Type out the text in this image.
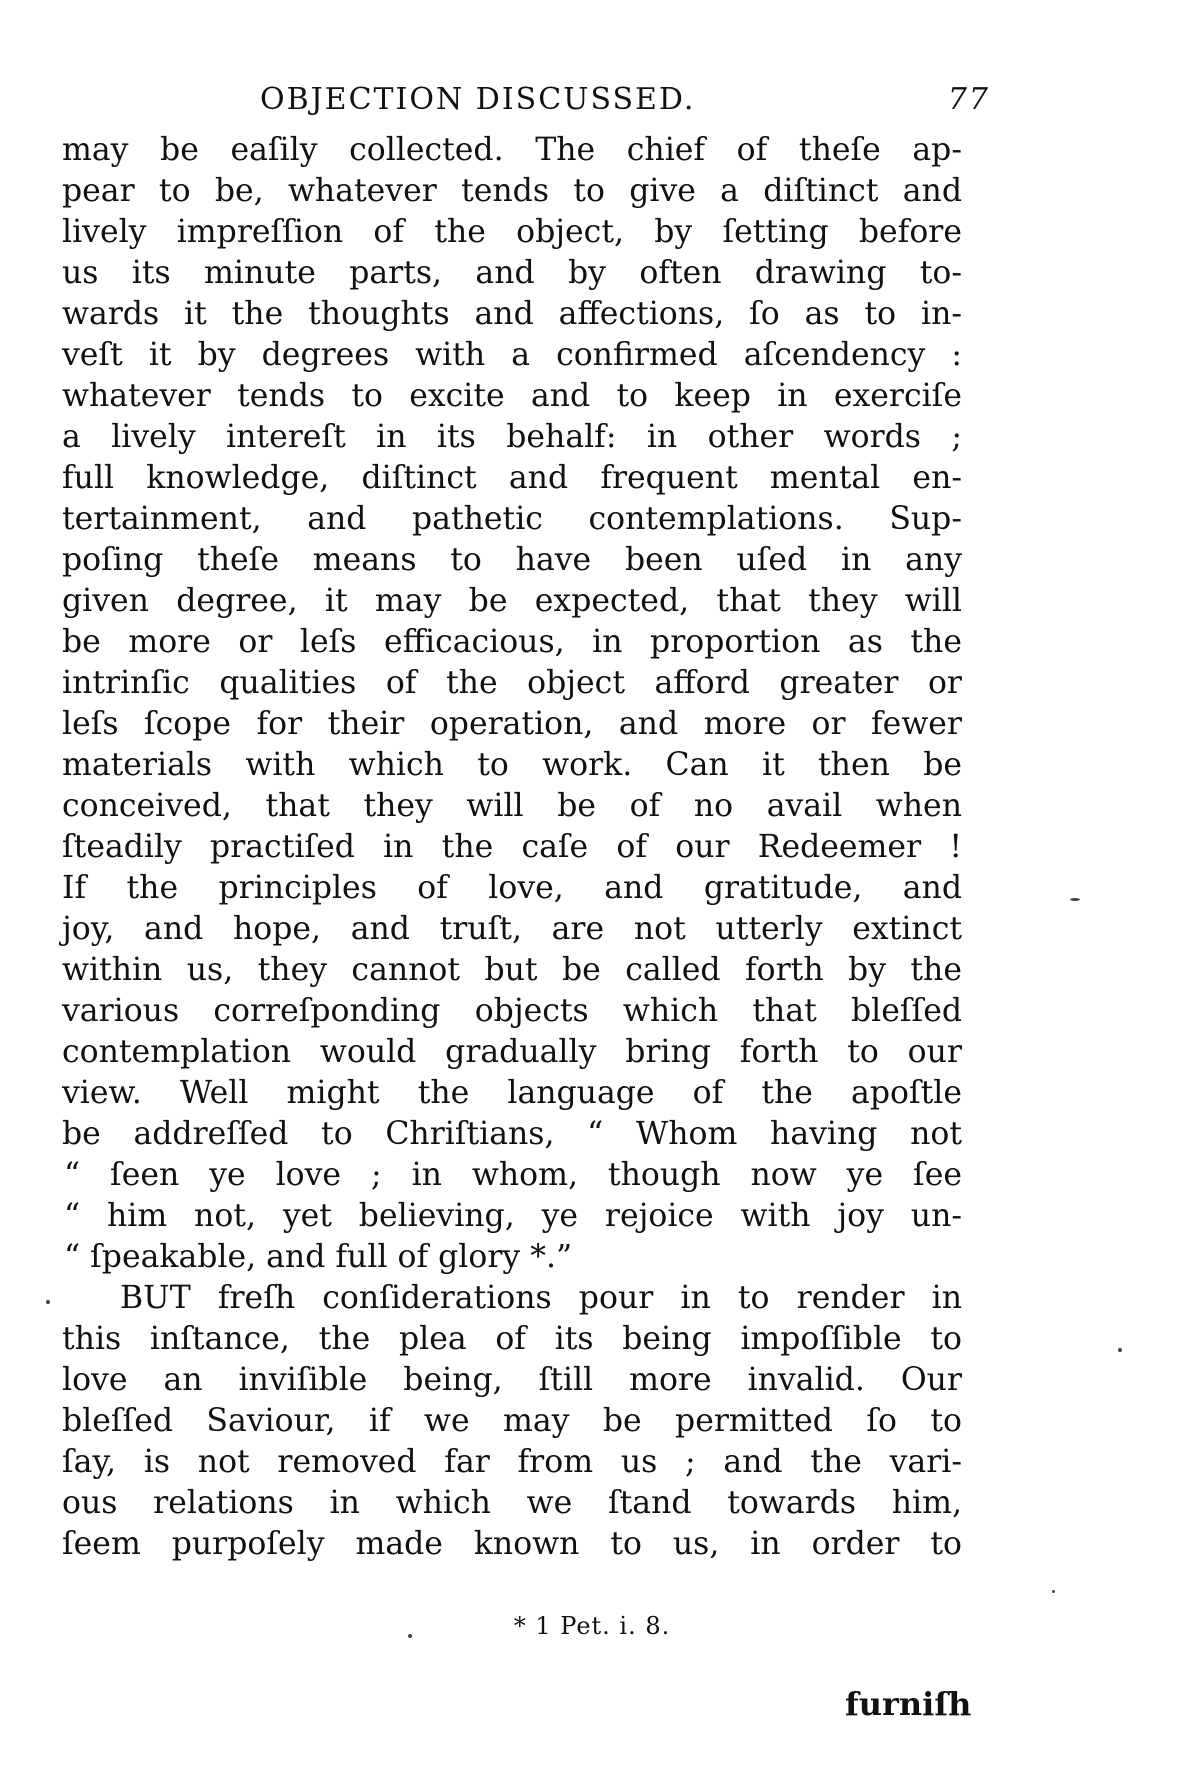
OBJECTION DISCUSSED.	77
may be eaſily collected. The chief of theſe ap-
pear to be, whatever tends to give a diſtinct and
lively impreſſion of the object, by ſetting before
us its minute parts, and by often drawing to-
wards it the thoughts and affections, ſo as to in-
veſt it by degrees with a confirmed aſcendency :
whatever tends to excite and to keep in exerciſe
a lively intereſt in its behalf: in other words ;
full knowledge, diſtinct and frequent mental en-
tertainment, and pathetic contemplations. Sup-
poſing theſe means to have been uſed in any
given degree, it may be expected, that they will
be more or leſs efficacious, in proportion as the
intrinſic qualities of the object afford greater or
leſs ſcope for their operation, and more or fewer
materials with which to work. Can it then be
conceived, that they will be of no avail when
ſteadily practiſed in the caſe of our Redeemer !
If the principles of love, and gratitude, and
joy, and hope, and truſt, are not utterly extinct
within us, they cannot but be called forth by the
various correſponding objects which that bleſſed
contemplation would gradually bring forth to our
view. Well might the language of the apoſtle
be addreſſed to Chriſtians, “ Whom having not
“ ſeen ye love ; in whom, though now ye ſee
“ him not, yet believing, ye rejoice with joy un-
“ ſpeakable, and full of glory *.”
BUT freſh conſiderations pour in to render in
this inſtance, the plea of its being impoſſible to
love an inviſible being, ſtill more invalid. Our
bleſſed Saviour, if we may be permitted ſo to
ſay, is not removed far from us ; and the vari-
ous relations in which we ſtand towards him,
ſeem purpoſely made known to us, in order to
* 1 Pet. i. 8.
furniſh
